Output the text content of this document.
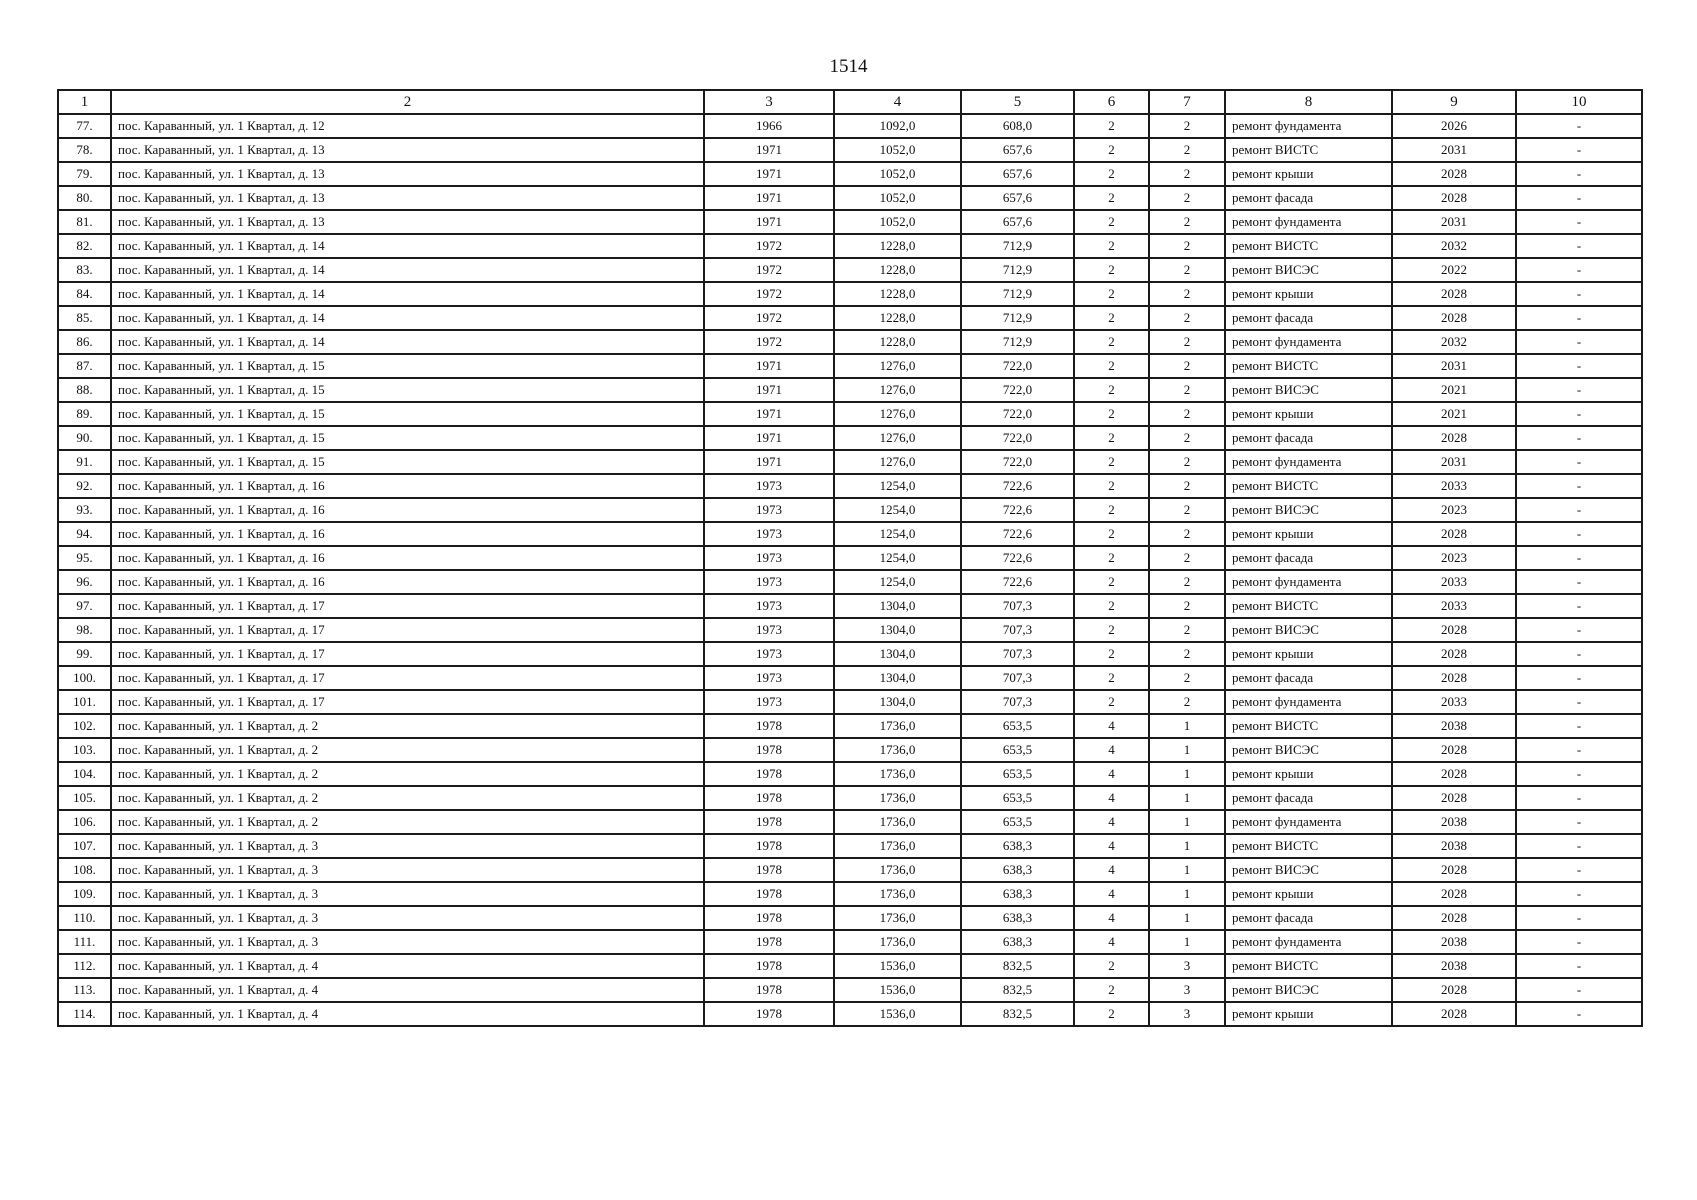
1514
1	2	3	4	5	6	7	8	9	10
77.	пос. Караванный, ул. 1 Квартал, д. 12	1966	1092,0	608,0	2	2	ремонт фундамента	2026	-
78.	пос. Караванный, ул. 1 Квартал, д. 13	1971	1052,0	657,6	2	2	ремонт ВИСТС	2031	-
79.	пос. Караванный, ул. 1 Квартал, д. 13	1971	1052,0	657,6	2	2	ремонт крыши	2028	-
80.	пос. Караванный, ул. 1 Квартал, д. 13	1971	1052,0	657,6	2	2	ремонт фасада	2028	-
81.	пос. Караванный, ул. 1 Квартал, д. 13	1971	1052,0	657,6	2	2	ремонт фундамента	2031	-
82.	пос. Караванный, ул. 1 Квартал, д. 14	1972	1228,0	712,9	2	2	ремонт ВИСТС	2032	-
83.	пос. Караванный, ул. 1 Квартал, д. 14	1972	1228,0	712,9	2	2	ремонт ВИСЭС	2022	-
84.	пос. Караванный, ул. 1 Квартал, д. 14	1972	1228,0	712,9	2	2	ремонт крыши	2028	-
85.	пос. Караванный, ул. 1 Квартал, д. 14	1972	1228,0	712,9	2	2	ремонт фасада	2028	-
86.	пос. Караванный, ул. 1 Квартал, д. 14	1972	1228,0	712,9	2	2	ремонт фундамента	2032	-
87.	пос. Караванный, ул. 1 Квартал, д. 15	1971	1276,0	722,0	2	2	ремонт ВИСТС	2031	-
88.	пос. Караванный, ул. 1 Квартал, д. 15	1971	1276,0	722,0	2	2	ремонт ВИСЭС	2021	-
89.	пос. Караванный, ул. 1 Квартал, д. 15	1971	1276,0	722,0	2	2	ремонт крыши	2021	-
90.	пос. Караванный, ул. 1 Квартал, д. 15	1971	1276,0	722,0	2	2	ремонт фасада	2028	-
91.	пос. Караванный, ул. 1 Квартал, д. 15	1971	1276,0	722,0	2	2	ремонт фундамента	2031	-
92.	пос. Караванный, ул. 1 Квартал, д. 16	1973	1254,0	722,6	2	2	ремонт ВИСТС	2033	-
93.	пос. Караванный, ул. 1 Квартал, д. 16	1973	1254,0	722,6	2	2	ремонт ВИСЭС	2023	-
94.	пос. Караванный, ул. 1 Квартал, д. 16	1973	1254,0	722,6	2	2	ремонт крыши	2028	-
95.	пос. Караванный, ул. 1 Квартал, д. 16	1973	1254,0	722,6	2	2	ремонт фасада	2023	-
96.	пос. Караванный, ул. 1 Квартал, д. 16	1973	1254,0	722,6	2	2	ремонт фундамента	2033	-
97.	пос. Караванный, ул. 1 Квартал, д. 17	1973	1304,0	707,3	2	2	ремонт ВИСТС	2033	-
98.	пос. Караванный, ул. 1 Квартал, д. 17	1973	1304,0	707,3	2	2	ремонт ВИСЭС	2028	-
99.	пос. Караванный, ул. 1 Квартал, д. 17	1973	1304,0	707,3	2	2	ремонт крыши	2028	-
100.	пос. Караванный, ул. 1 Квартал, д. 17	1973	1304,0	707,3	2	2	ремонт фасада	2028	-
101.	пос. Караванный, ул. 1 Квартал, д. 17	1973	1304,0	707,3	2	2	ремонт фундамента	2033	-
102.	пос. Караванный, ул. 1 Квартал, д. 2	1978	1736,0	653,5	4	1	ремонт ВИСТС	2038	-
103.	пос. Караванный, ул. 1 Квартал, д. 2	1978	1736,0	653,5	4	1	ремонт ВИСЭС	2028	-
104.	пос. Караванный, ул. 1 Квартал, д. 2	1978	1736,0	653,5	4	1	ремонт крыши	2028	-
105.	пос. Караванный, ул. 1 Квартал, д. 2	1978	1736,0	653,5	4	1	ремонт фасада	2028	-
106.	пос. Караванный, ул. 1 Квартал, д. 2	1978	1736,0	653,5	4	1	ремонт фундамента	2038	-
107.	пос. Караванный, ул. 1 Квартал, д. 3	1978	1736,0	638,3	4	1	ремонт ВИСТС	2038	-
108.	пос. Караванный, ул. 1 Квартал, д. 3	1978	1736,0	638,3	4	1	ремонт ВИСЭС	2028	-
109.	пос. Караванный, ул. 1 Квартал, д. 3	1978	1736,0	638,3	4	1	ремонт крыши	2028	-
110.	пос. Караванный, ул. 1 Квартал, д. 3	1978	1736,0	638,3	4	1	ремонт фасада	2028	-
111.	пос. Караванный, ул. 1 Квартал, д. 3	1978	1736,0	638,3	4	1	ремонт фундамента	2038	-
112.	пос. Караванный, ул. 1 Квартал, д. 4	1978	1536,0	832,5	2	3	ремонт ВИСТС	2038	-
113.	пос. Караванный, ул. 1 Квартал, д. 4	1978	1536,0	832,5	2	3	ремонт ВИСЭС	2028	-
114.	пос. Караванный, ул. 1 Квартал, д. 4	1978	1536,0	832,5	2	3	ремонт крыши	2028	-
